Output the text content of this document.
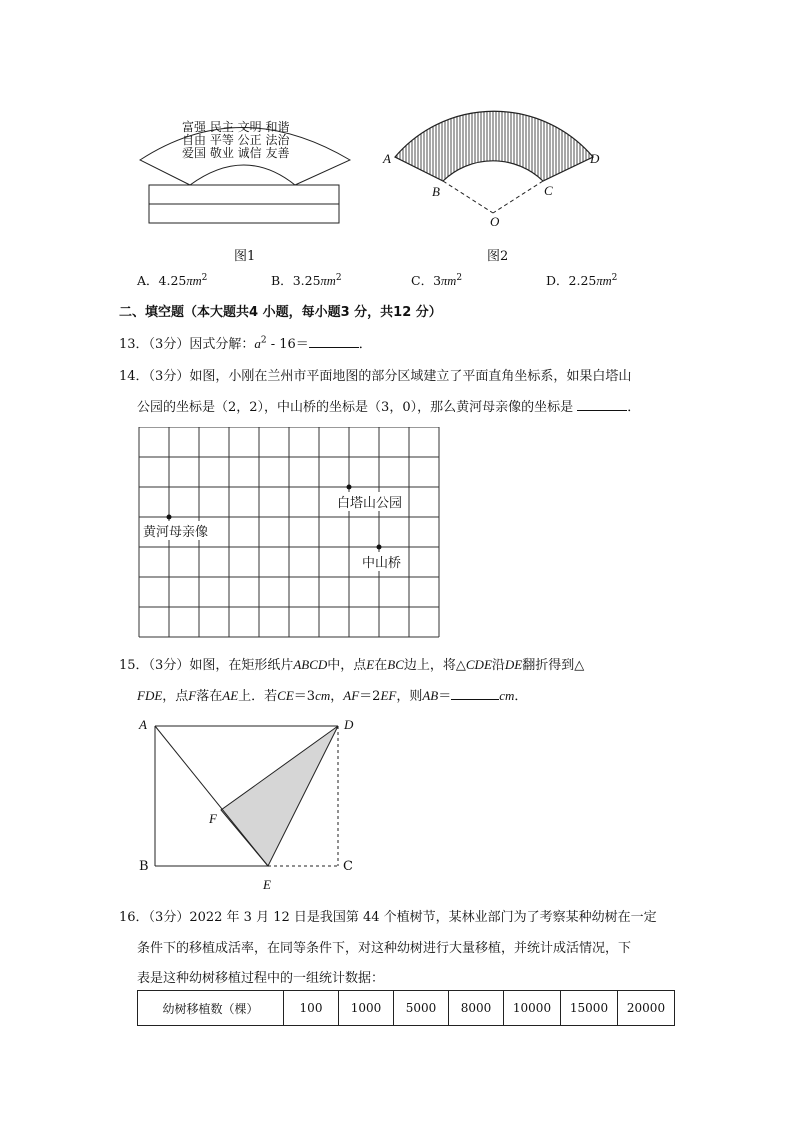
富强 民主 文明 和谐
自由 平等 公正 法治
爱国 敬业 诚信 友善
图1
A
B	C
D
O
图2
A．$4.25\pi m^2$	B．$3.25\pi m^2$	C．$3\pi m^2$	D．$2.25\pi m^2$
二、填空题（本大题共4 小题，每小题3 分，共12 分）
13．（3分）因式分解：$a^2 - 16=$	．
14．（3分）如图，小刚在兰州市平面地图的部分区域建立了平面直角坐标系，如果白塔山
公园的坐标是（2，2），中山桥的坐标是（3，0），那么黄河母亲像的坐标是	．
白塔山公园
黄河母亲像
中山桥
15．（3分）如图，在矩形纸片ABCD中，点E在BC边上，将△CDE沿DE翻折得到△
FDE，点F落在AE上．若CE＝3cm，AF＝2EF，则AB＝	cm．
A
B	C
D
E
F
16．（3分）2022 年 3 月 12 日是我国第 44 个植树节，某林业部门为了考察某种幼树在一定
条件下的移植成活率，在同等条件下，对这种幼树进行大量移植，并统计成活情况，下
表是这种幼树移植过程中的一组统计数据：
幼树移植数（棵）	100	1000	5000	8000	10000	15000	20000
